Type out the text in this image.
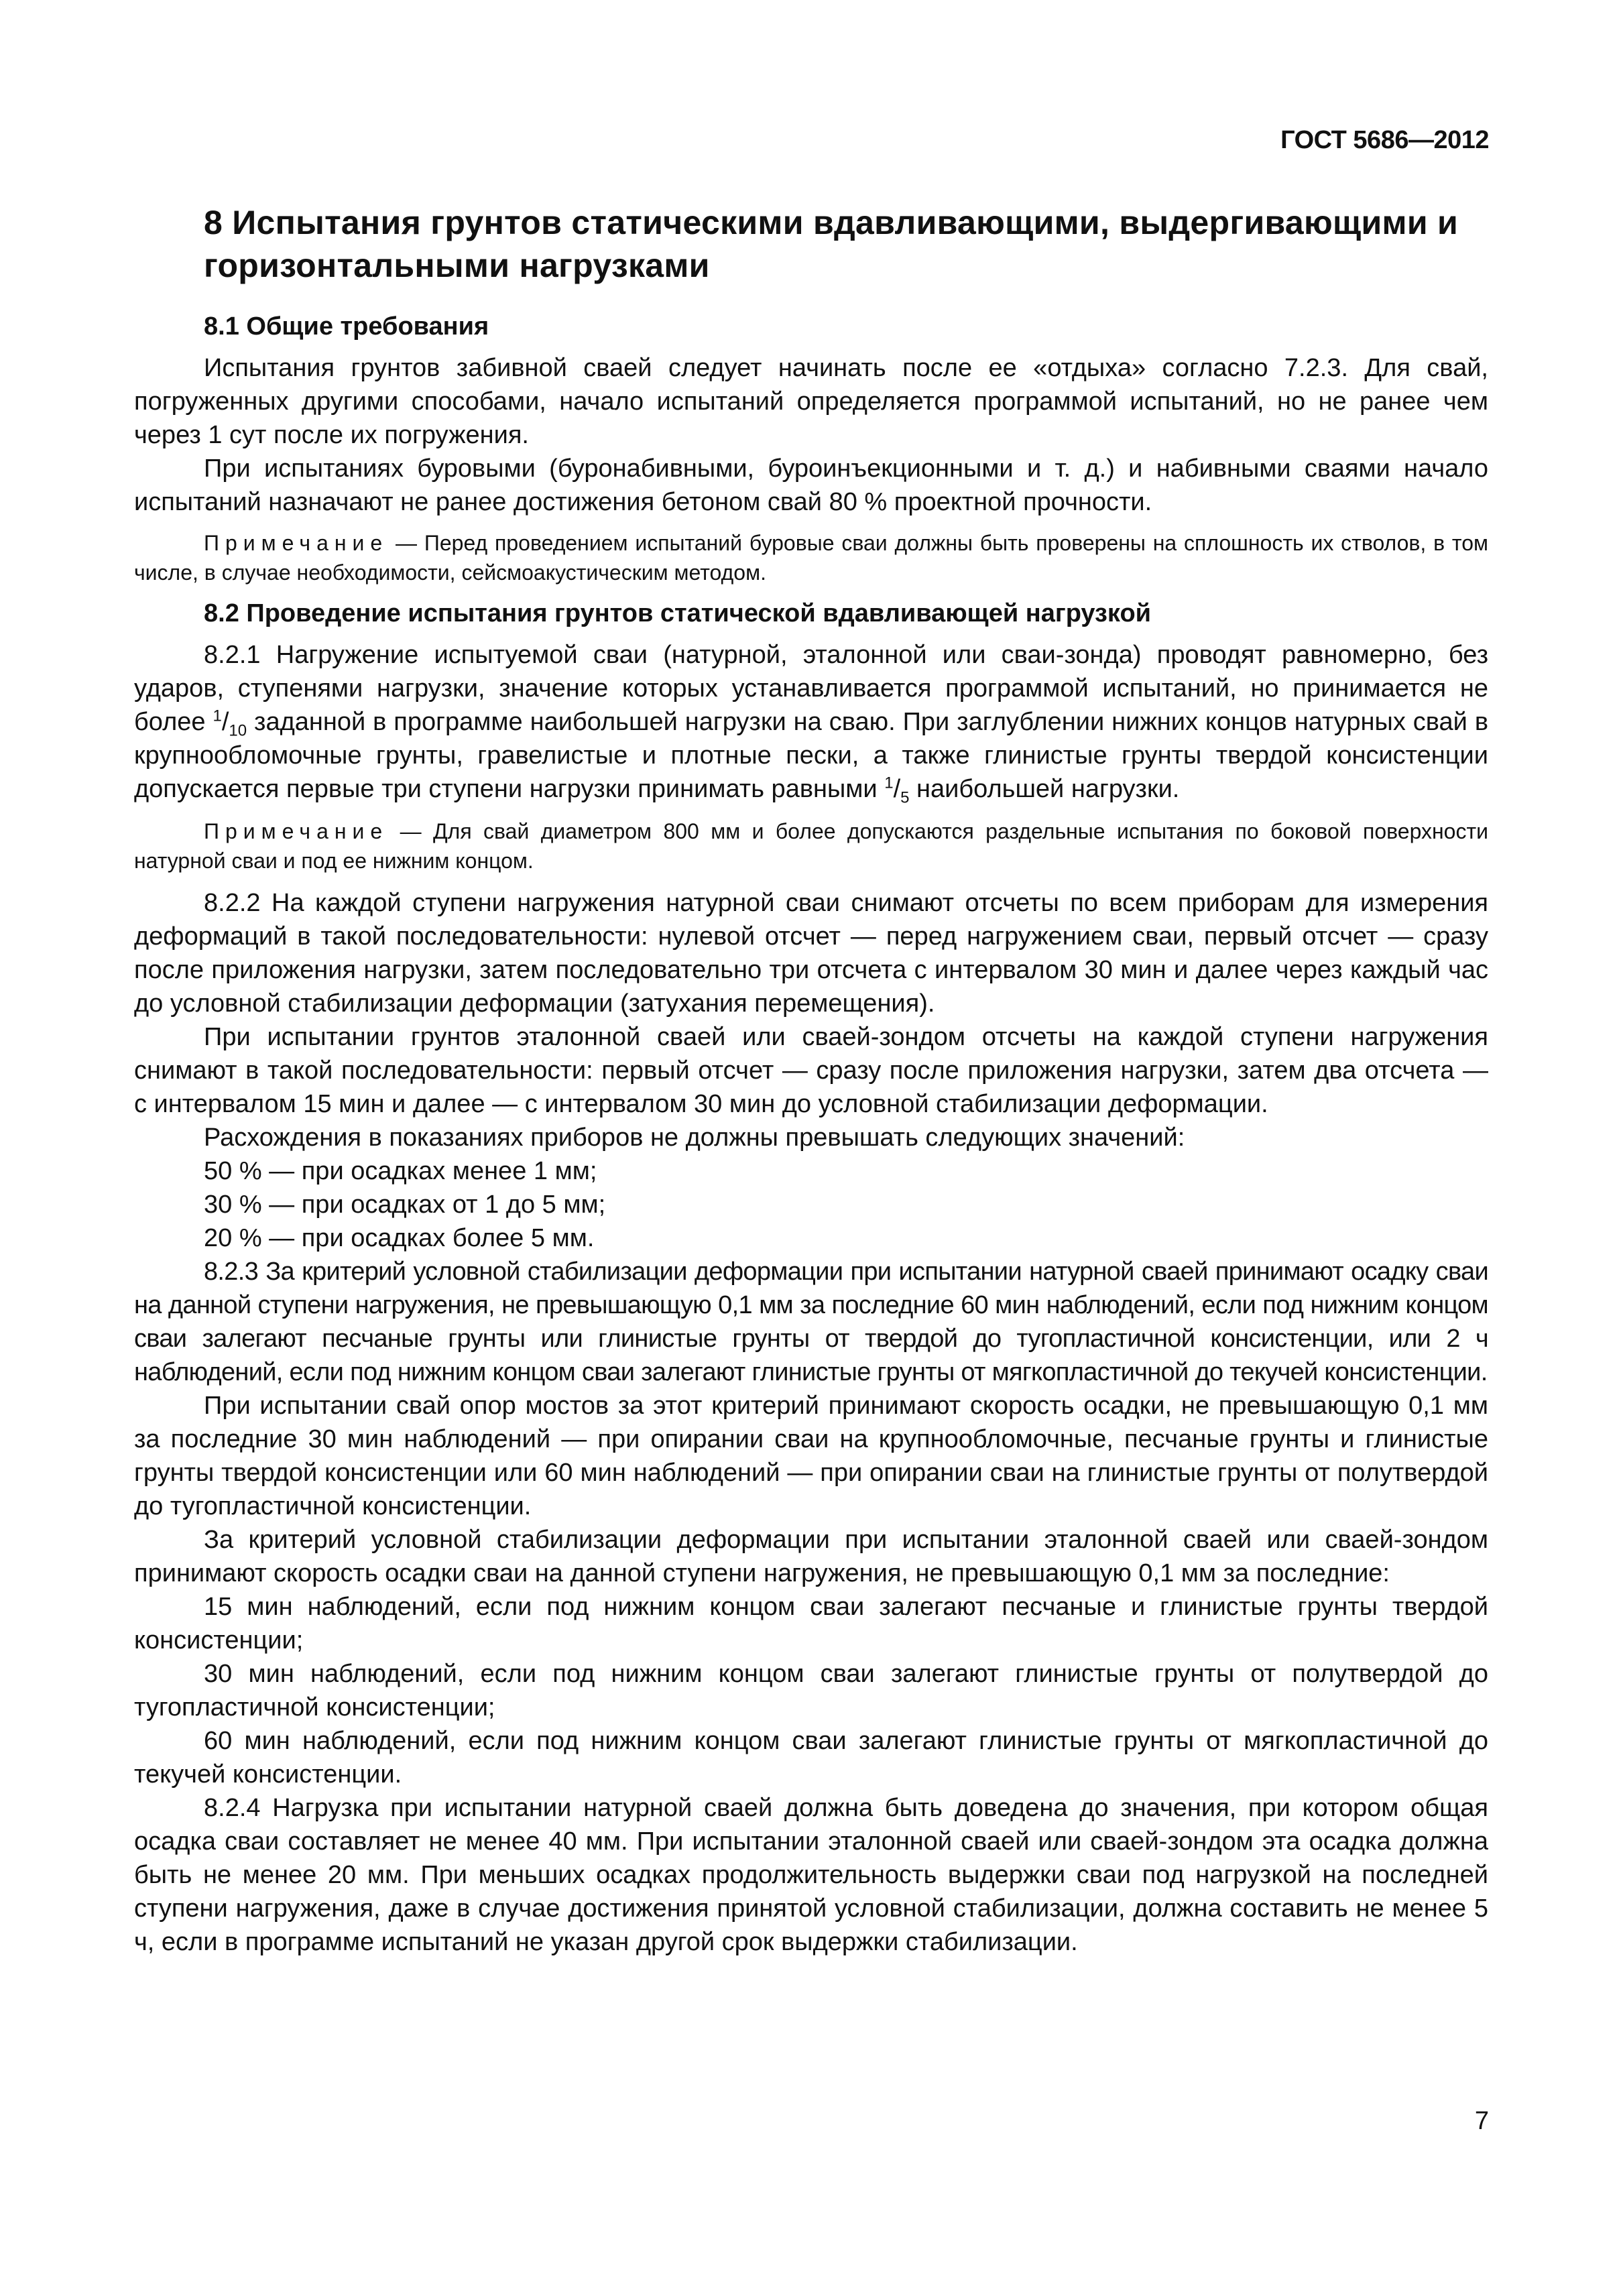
ГОСТ 5686—2012
8 Испытания грунтов статическими вдавливающими, выдергивающими и горизонтальными нагрузками
8.1 Общие требования

Испытания грунтов забивной сваей следует начинать после ее «отдыха» согласно 7.2.3. Для свай, погруженных другими способами, начало испытаний определяется программой испытаний, но не ранее чем через 1 сут после их погружения.

При испытаниях буровыми (буронабивными, буроинъекционными и т. д.) и набивными сваями начало испытаний назначают не ранее достижения бетоном свай 80 % проектной прочности.

Примечание — Перед проведением испытаний буровые сваи должны быть проверены на сплошность их стволов, в том числе, в случае необходимости, сейсмоакустическим методом.

8.2 Проведение испытания грунтов статической вдавливающей нагрузкой

8.2.1 Нагружение испытуемой сваи (натурной, эталонной или сваи-зонда) проводят равномерно, без ударов, ступенями нагрузки, значение которых устанавливается программой испытаний, но принимается не более $^1/_{10}$ заданной в программе наибольшей нагрузки на сваю. При заглублении нижних концов натурных свай в крупнообломочные грунты, гравелистые и плотные пески, а также глинистые грунты твердой консистенции допускается первые три ступени нагрузки принимать равными $^1/_5$ наибольшей нагрузки.

Примечание — Для свай диаметром 800 мм и более допускаются раздельные испытания по боковой поверхности натурной сваи и под ее нижним концом.

8.2.2 На каждой ступени нагружения натурной сваи снимают отсчеты по всем приборам для измерения деформаций в такой последовательности: нулевой отсчет — перед нагружением сваи, первый отсчет — сразу после приложения нагрузки, затем последовательно три отсчета с интервалом 30 мин и далее через каждый час до условной стабилизации деформации (затухания перемещения).

При испытании грунтов эталонной сваей или сваей-зондом отсчеты на каждой ступени нагружения снимают в такой последовательности: первый отсчет — сразу после приложения нагрузки, затем два отсчета — с интервалом 15 мин и далее — с интервалом 30 мин до условной стабилизации деформации.

Расхождения в показаниях приборов не должны превышать следующих значений:

50 % — при осадках менее 1 мм;
30 % — при осадках от 1 до 5 мм;
20 % — при осадках более 5 мм.

8.2.3 За критерий условной стабилизации деформации при испытании натурной сваей принимают осадку сваи на данной ступени нагружения, не превышающую 0,1 мм за последние 60 мин наблюдений, если под нижним концом сваи залегают песчаные грунты или глинистые грунты от твердой до тугопластичной консистенции, или 2 ч наблюдений, если под нижним концом сваи залегают глинистые грунты от мягкопластичной до текучей консистенции.

При испытании свай опор мостов за этот критерий принимают скорость осадки, не превышающую 0,1 мм за последние 30 мин наблюдений — при опирании сваи на крупнообломочные, песчаные грунты и глинистые грунты твердой консистенции или 60 мин наблюдений — при опирании сваи на глинистые грунты от полутвердой до тугопластичной консистенции.

За критерий условной стабилизации деформации при испытании эталонной сваей или сваей-зондом принимают скорость осадки сваи на данной ступени нагружения, не превышающую 0,1 мм за последние:

15 мин наблюдений, если под нижним концом сваи залегают песчаные и глинистые грунты твердой консистенции;

30 мин наблюдений, если под нижним концом сваи залегают глинистые грунты от полутвердой до тугопластичной консистенции;

60 мин наблюдений, если под нижним концом сваи залегают глинистые грунты от мягкопластичной до текучей консистенции.

8.2.4 Нагрузка при испытании натурной сваей должна быть доведена до значения, при котором общая осадка сваи составляет не менее 40 мм. При испытании эталонной сваей или сваей-зондом эта осадка должна быть не менее 20 мм. При меньших осадках продолжительность выдержки сваи под нагрузкой на последней ступени нагружения, даже в случае достижения принятой условной стабилизации, должна составить не менее 5 ч, если в программе испытаний не указан другой срок выдержки стабилизации.

7
